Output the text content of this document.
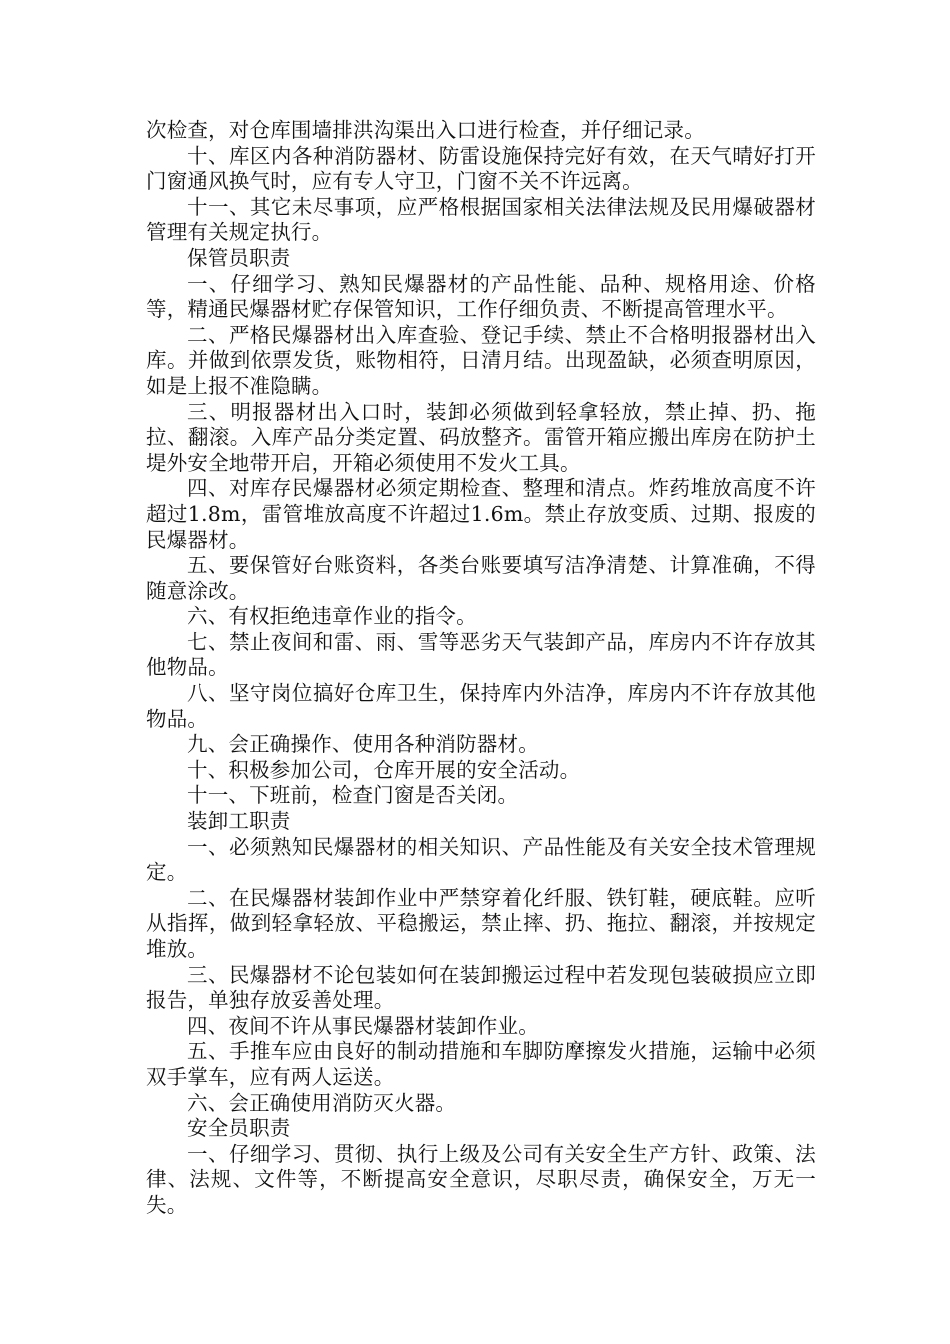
次检查，对仓库围墙排洪沟渠出入口进行检查，并仔细记录。

十、库区内各种消防器材、防雷设施保持完好有效，在天气晴好打开门窗通风换气时，应有专人守卫，门窗不关不许远离。

十一、其它未尽事项，应严格根据国家相关法律法规及民用爆破器材管理有关规定执行。

保管员职责

一、仔细学习、熟知民爆器材的产品性能、品种、规格用途、价格等，精通民爆器材贮存保管知识，工作仔细负责、不断提高管理水平。

二、严格民爆器材出入库查验、登记手续、禁止不合格明报器材出入库。并做到依票发货，账物相符，日清月结。出现盈缺，必须查明原因，如是上报不准隐瞒。

三、明报器材出入口时，装卸必须做到轻拿轻放，禁止掉、扔、拖拉、翻滚。入库产品分类定置、码放整齐。雷管开箱应搬出库房在防护土堤外安全地带开启，开箱必须使用不发火工具。

四、对库存民爆器材必须定期检查、整理和清点。炸药堆放高度不许超过1.8m，雷管堆放高度不许超过1.6m。禁止存放变质、过期、报废的民爆器材。

五、要保管好台账资料，各类台账要填写洁净清楚、计算准确，不得随意涂改。

六、有权拒绝违章作业的指令。

七、禁止夜间和雷、雨、雪等恶劣天气装卸产品，库房内不许存放其他物品。

八、坚守岗位搞好仓库卫生，保持库内外洁净，库房内不许存放其他物品。

九、会正确操作、使用各种消防器材。

十、积极参加公司，仓库开展的安全活动。

十一、下班前，检查门窗是否关闭。

装卸工职责

一、必须熟知民爆器材的相关知识、产品性能及有关安全技术管理规定。

二、在民爆器材装卸作业中严禁穿着化纤服、铁钉鞋，硬底鞋。应听从指挥，做到轻拿轻放、平稳搬运，禁止摔、扔、拖拉、翻滚，并按规定堆放。

三、民爆器材不论包装如何在装卸搬运过程中若发现包装破损应立即报告，单独存放妥善处理。

四、夜间不许从事民爆器材装卸作业。

五、手推车应由良好的制动措施和车脚防摩擦发火措施，运输中必须双手掌车，应有两人运送。

六、会正确使用消防灭火器。

安全员职责

一、仔细学习、贯彻、执行上级及公司有关安全生产方针、政策、法律、法规、文件等，不断提高安全意识，尽职尽责，确保安全，万无一失。
